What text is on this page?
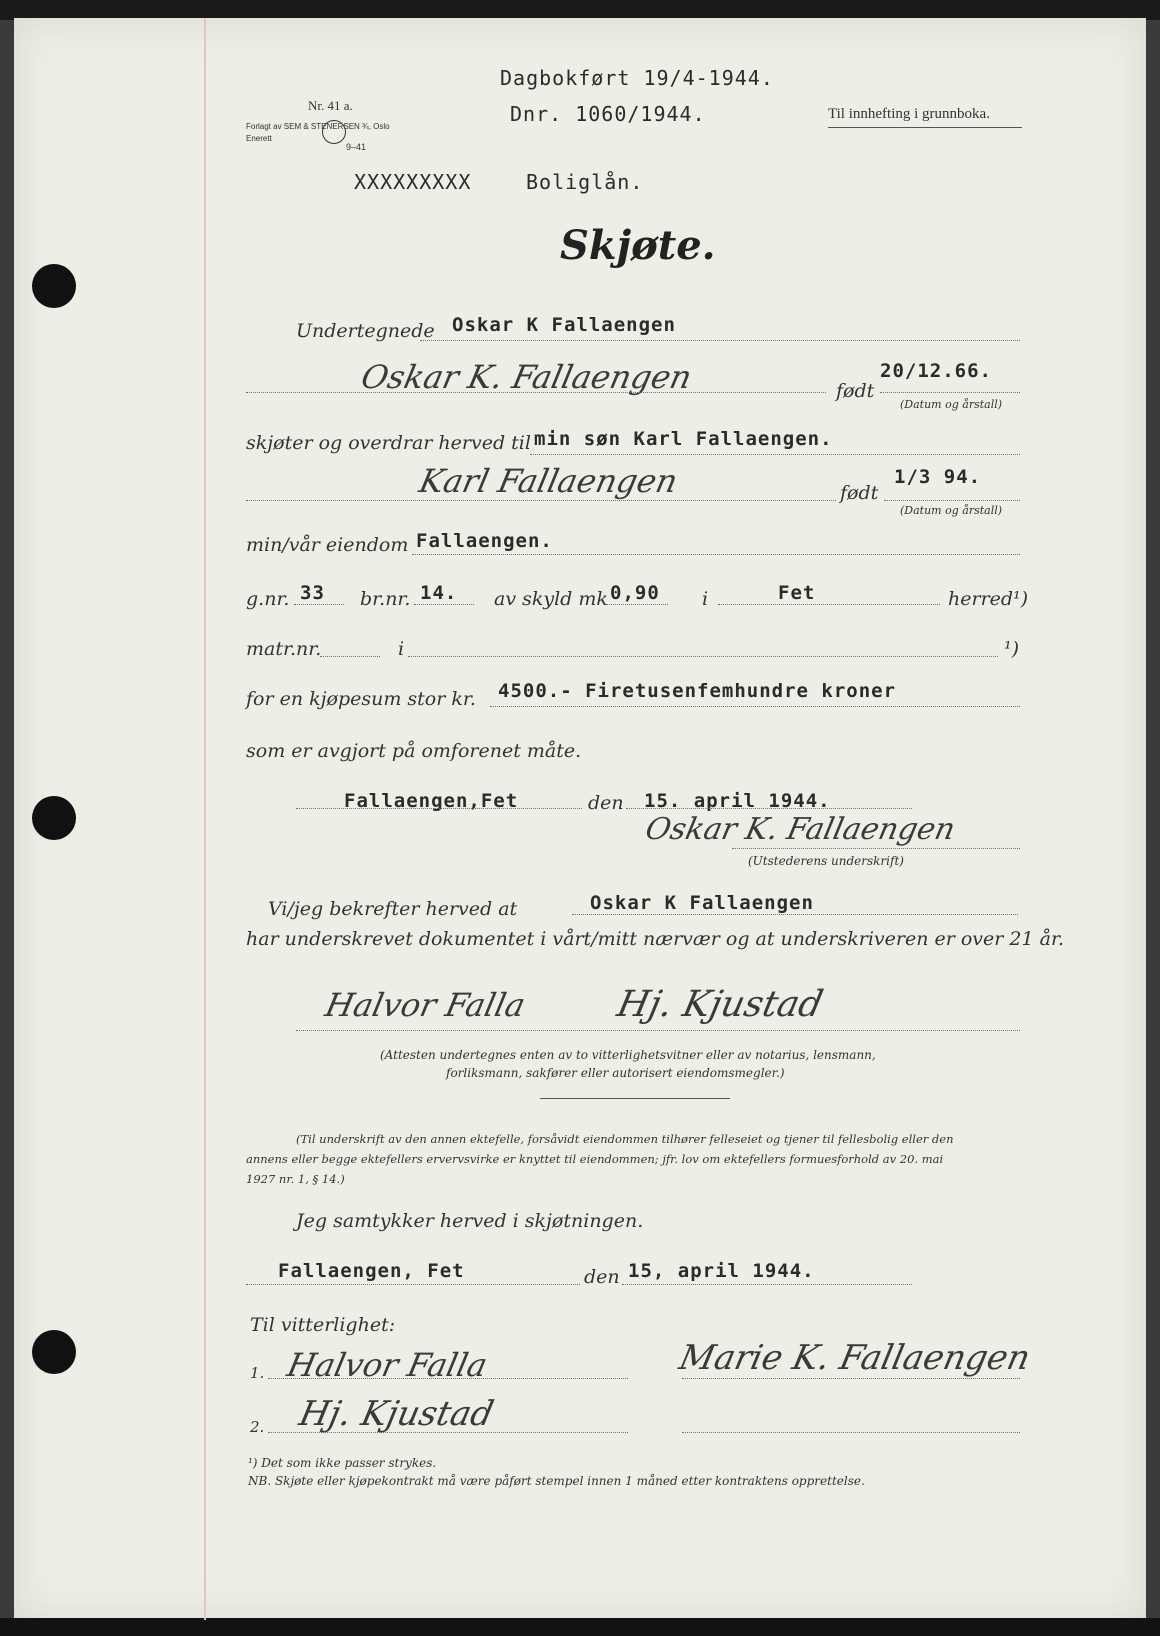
Dagbokført 19/4-1944.
Dnr. 1060/1944.	Til innhefting i grunnboka.
Nr. 41 a.
Forlagt av SEM & STENERSEN ¾, Oslo
Enerett
9–41
XXXXXXXXX	Boliglån.
Skjøte.
Undertegnede Oskar K Fallaengen
Oskar K. Fallaengen	født
20/12.66.
(Datum og årstall)
skjøter og overdrar herved til min søn Karl Fallaengen.
Karl Fallaengen	født
1/3 94.
(Datum og årstall)
min/vår eiendom Fallaengen.
g.nr. 33 br.nr. 14. av skyld mk 0,90 i	Fet	herred¹)
matr.nr.	i	¹)
for en kjøpesum stor kr. 4500.- Firetusenfemhundre kroner
som er avgjort på omforenet måte.
Fallaengen,Fet	den 15. april 1944.
Oskar K. Fallaengen
(Utstederens underskrift)
Vi/jeg bekrefter herved at	Oskar K Fallaengen
har underskrevet dokumentet i vårt/mitt nærvær og at underskriveren er over 21 år.
Halvor Falla Hj. Kjustad
(Attesten undertegnes enten av to vitterlighetsvitner eller av notarius, lensmann,
forliksmann, sakfører eller autorisert eiendomsmegler.)
(Til underskrift av den annen ektefelle, forsåvidt eiendommen tilhører felleseiet og tjener til fellesbolig eller den
annens eller begge ektefellers ervervsvirke er knyttet til eiendommen; jfr. lov om ektefellers formuesforhold av 20. mai
1927 nr. 1, § 14.)
Jeg samtykker herved i skjøtningen.
Fallaengen, Fet	den 15, april 1944.
Til vitterlighet:
1. Halvor Falla	Marie K. Fallaengen
2. Hj. Kjustad
¹) Det som ikke passer strykes.
NB. Skjøte eller kjøpekontrakt må være påført stempel innen 1 måned etter kontraktens opprettelse.
